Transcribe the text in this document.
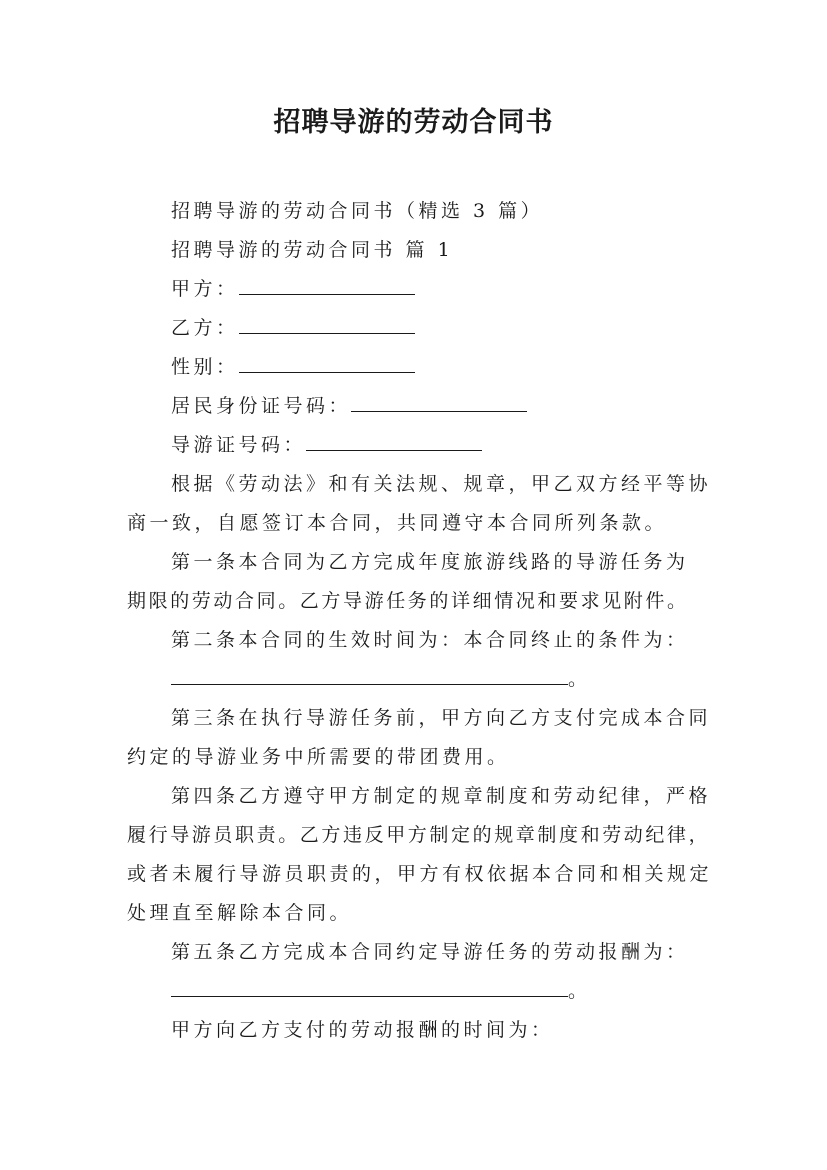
招聘导游的劳动合同书
招聘导游的劳动合同书（精选 3 篇）
招聘导游的劳动合同书 篇 1
甲方：
乙方：
性别：
居民身份证号码：
导游证号码：
根据《劳动法》和有关法规、规章，甲乙双方经平等协
商一致，自愿签订本合同，共同遵守本合同所列条款。
第一条本合同为乙方完成年度旅游线路的导游任务为
期限的劳动合同。乙方导游任务的详细情况和要求见附件。
第二条本合同的生效时间为：本合同终止的条件为：
。
第三条在执行导游任务前，甲方向乙方支付完成本合同
约定的导游业务中所需要的带团费用。
第四条乙方遵守甲方制定的规章制度和劳动纪律，严格
履行导游员职责。乙方违反甲方制定的规章制度和劳动纪律，
或者未履行导游员职责的，甲方有权依据本合同和相关规定
处理直至解除本合同。
第五条乙方完成本合同约定导游任务的劳动报酬为：
。
甲方向乙方支付的劳动报酬的时间为：
